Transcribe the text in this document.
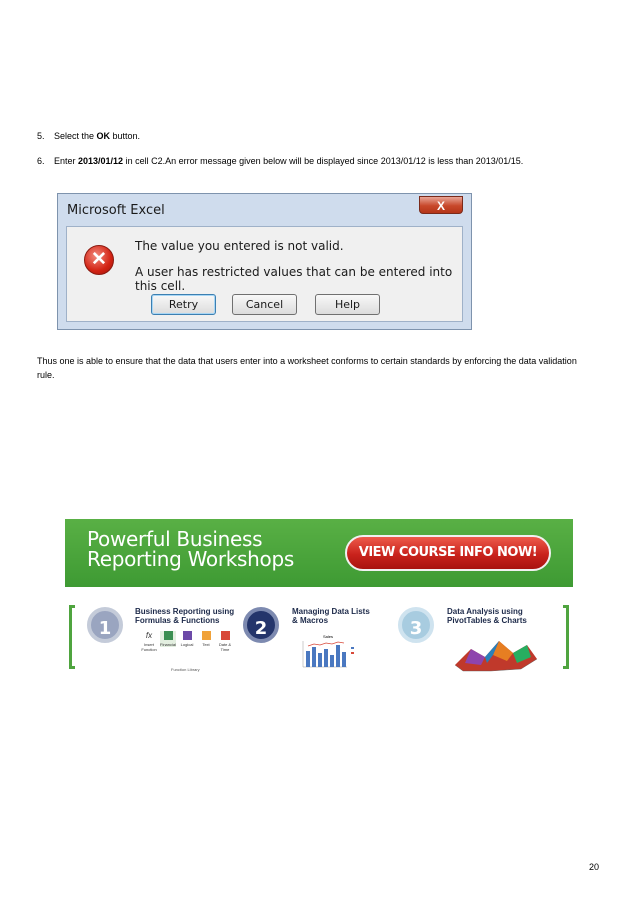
5. Select the OK button.
6. Enter 2013/01/12 in cell C2.An error message given below will be displayed since 2013/01/12 is less than 2013/01/15.
Microsoft Excel	X
✕
The value you entered is not valid.
A user has restricted values that can be entered into this cell.
Retry	Cancel	Help
Thus one is able to ensure that the data that users enter into a worksheet conforms to certain standards by enforcing the data validation rule.
Powerful Business
Reporting Workshops	VIEW COURSE INFO NOW!
1
Business Reporting using
Formulas & Functions
fx
Insert Function
Financial	Logical	Text	Date & Time
Function Library
2
Managing Data Lists
& Macros
Sales	3
Data Analysis using
PivotTables & Charts
20
